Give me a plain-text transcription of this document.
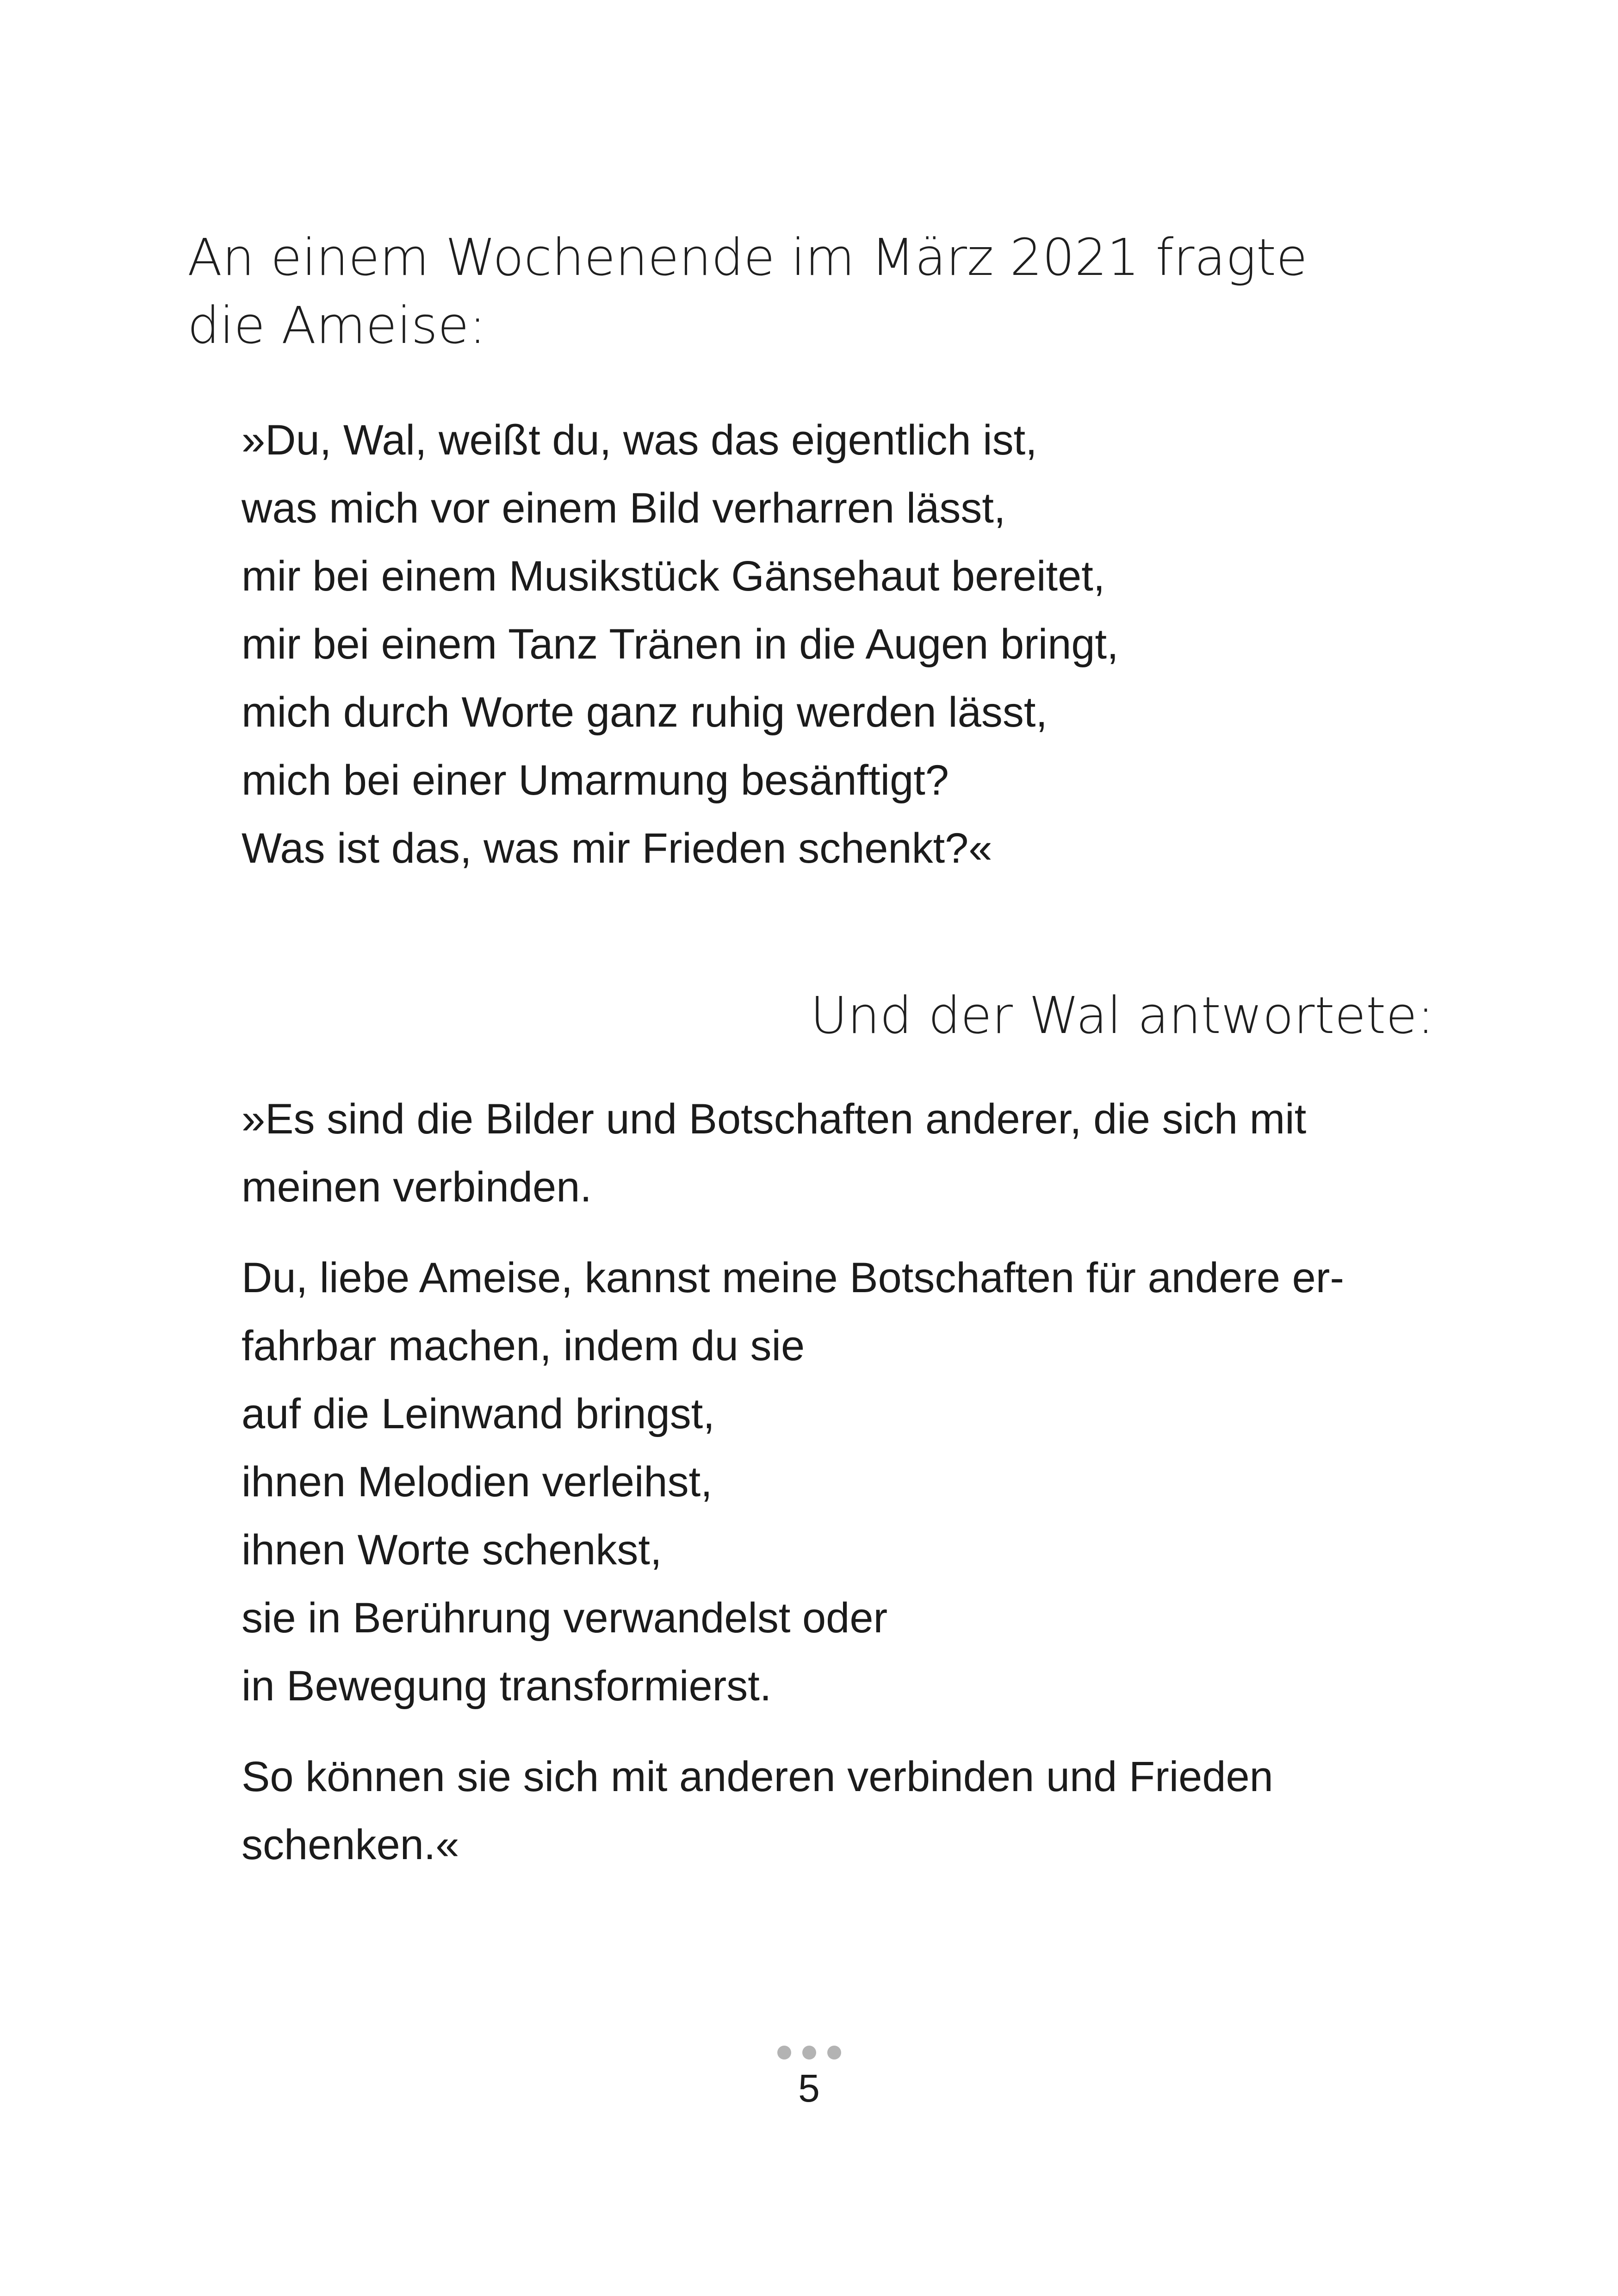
An einem Wochenende im März 2021 fragte
die Ameise:
»Du, Wal, weißt du, was das eigentlich ist,
was mich vor einem Bild verharren lässt,
mir bei einem Musikstück Gänsehaut bereitet,
mir bei einem Tanz Tränen in die Augen bringt,
mich durch Worte ganz ruhig werden lässt,
mich bei einer Umarmung besänftigt?
Was ist das, was mir Frieden schenkt?«
Und der Wal antwortete:
»Es sind die Bilder und Botschaften anderer, die sich mit
meinen verbinden.
Du, liebe Ameise, kannst meine Botschaften für andere er-
fahrbar machen, indem du sie
auf die Leinwand bringst,
ihnen Melodien verleihst,
ihnen Worte schenkst,
sie in Berührung verwandelst oder
in Bewegung transformierst.
So können sie sich mit anderen verbinden und Frieden
schenken.«
5
